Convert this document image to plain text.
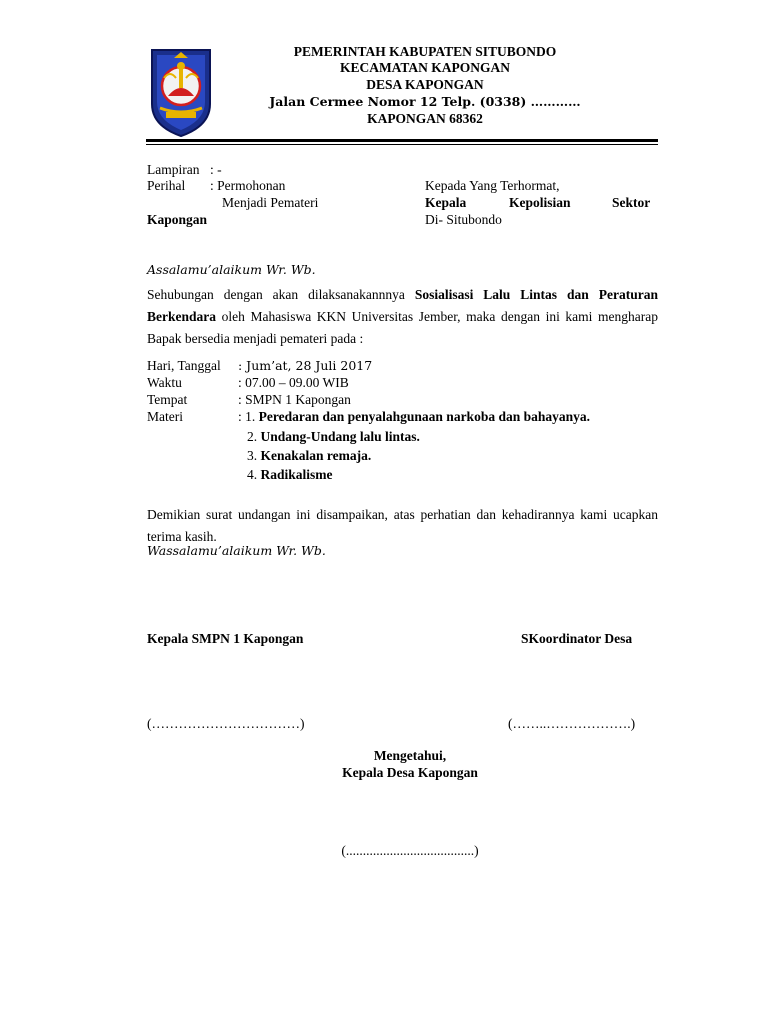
PEMERINTAH KABUPATEN SITUBONDO
KECAMATAN KAPONGAN
DESA KAPONGAN
Jalan Cermee Nomor 12 Telp. (0338) …………
KAPONGAN 68362
Lampiran : -
Perihal : Permohonan
Menjadi Pemateri
Kapongan
Kepada Yang Terhormat,
Kepala	Kepolisian	Sektor
Di- Situbondo
Assalamu’alaikum Wr. Wb.
Sehubungan dengan akan dilaksanakannnya Sosialisasi Lalu Lintas dan Peraturan Berkendara oleh Mahasiswa KKN Universitas Jember, maka dengan ini kami mengharap Bapak bersedia menjadi pemateri pada :
Hari, Tanggal : Jum’at, 28 Juli 2017
Waktu	: 07.00 – 09.00 WIB
Tempat	: SMPN 1 Kapongan
Materi	: 1. Peredaran dan penyalahgunaan narkoba dan bahayanya.
2. Undang-Undang lalu lintas.
3. Kenakalan remaja.
4. Radikalisme
Demikian surat undangan ini disampaikan, atas perhatian dan kehadirannya kami ucapkan terima kasih.
Wassalamu’alaikum Wr. Wb.
Kepala SMPN 1 Kapongan	SKoordinator Desa
(……………………………)	(……..……………….)
Mengetahui,
Kepala Desa Kapongan
(......................................)
